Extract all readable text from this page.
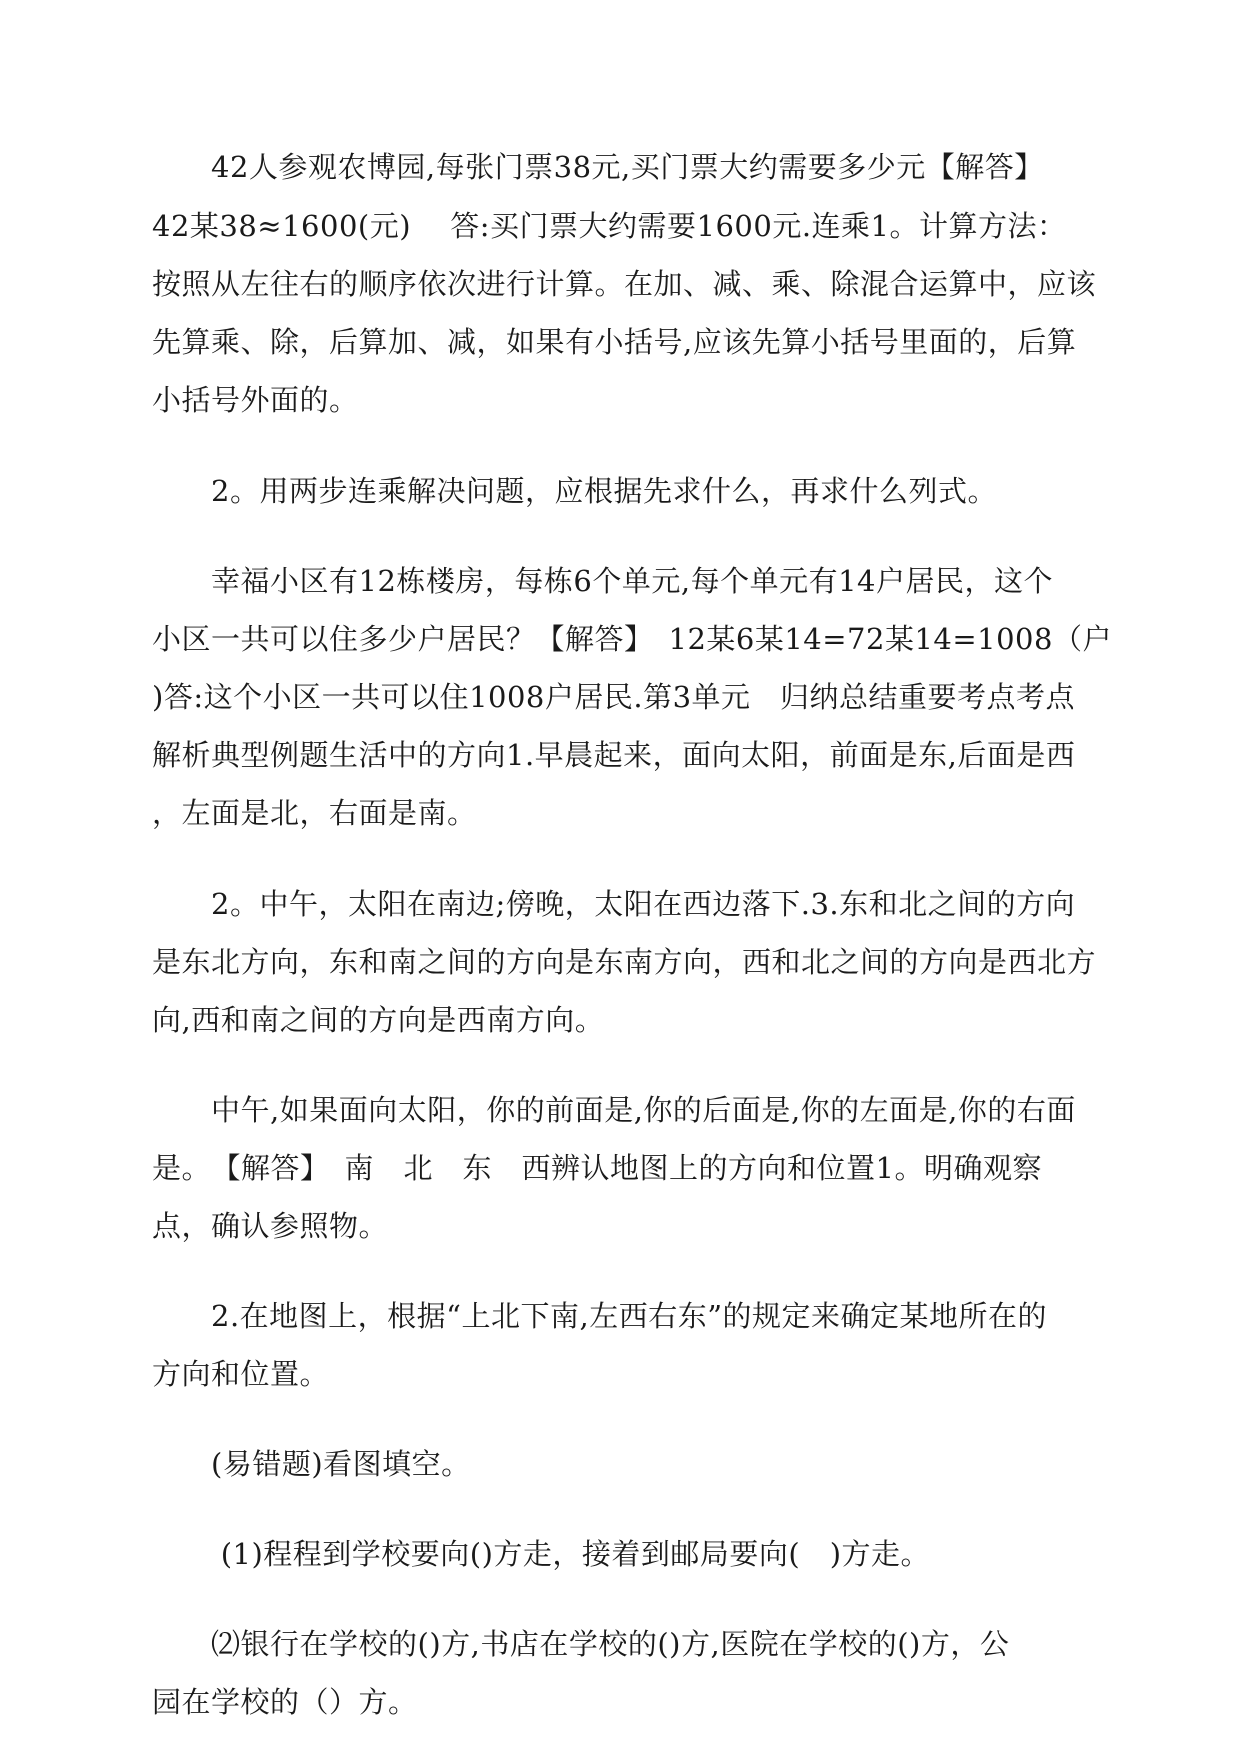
　　42人参观农博园,每张门票38元,买门票大约需要多少元【解答】

42某38≈1600(元)　 答:买门票大约需要1600元.连乘1。计算方法：

按照从左往右的顺序依次进行计算。在加、减、乘、除混合运算中，应该

先算乘、除，后算加、减，如果有小括号,应该先算小括号里面的，后算

小括号外面的。

　　2。用两步连乘解决问题，应根据先求什么，再求什么列式。

　　幸福小区有12栋楼房，每栋6个单元,每个单元有14户居民，这个

小区一共可以住多少户居民？【解答】　12某6某14=72某14=1008（户

)答:这个小区一共可以住1008户居民.第3单元　归纳总结重要考点考点

解析典型例题生活中的方向1.早晨起来，面向太阳，前面是东,后面是西

，左面是北，右面是南。

　　2。中午，太阳在南边;傍晚，太阳在西边落下.3.东和北之间的方向

是东北方向，东和南之间的方向是东南方向，西和北之间的方向是西北方

向,西和南之间的方向是西南方向。

　　中午,如果面向太阳，你的前面是,你的后面是,你的左面是,你的右面

是。　【解答】　南　北　东　西辨认地图上的方向和位置1。明确观察

点，确认参照物。

　　2.在地图上，根据“上北下南,左西右东”的规定来确定某地所在的

方向和位置。

　　(易错题)看图填空。

　　 (1)程程到学校要向()方走，接着到邮局要向(　)方走。

　　⑵银行在学校的()方,书店在学校的()方,医院在学校的()方，公

园在学校的（）方。
